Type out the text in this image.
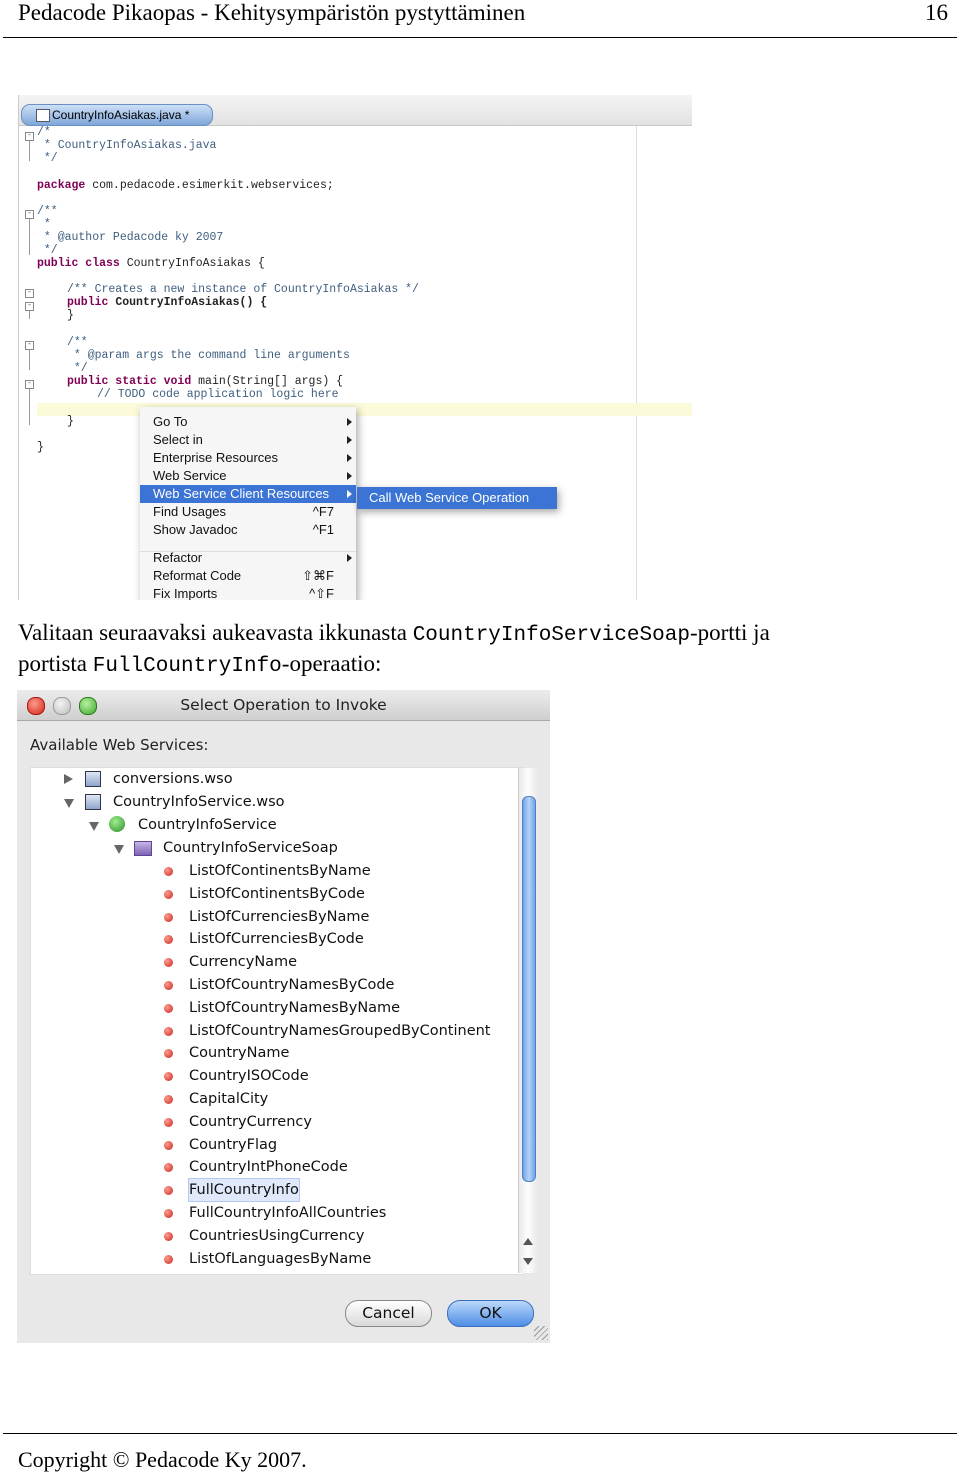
Pedacode Pikaopas - Kehitysympäristön pystyttäminen	16
CountryInfoAsiakas.java *
-
-
-
-
-
-
/*
* CountryInfoAsiakas.java
*/
package com.pedacode.esimerkit.webservices;
/**
*
* @author Pedacode ky 2007
*/
public class CountryInfoAsiakas {
/** Creates a new instance of CountryInfoAsiakas */
public CountryInfoAsiakas() {
}
/**
* @param args the command line arguments
*/
public static void main(String[] args) {
// TODO code application logic here
}
}
Go To
Select in
Enterprise Resources
Web Service
Web Service Client Resources
Find Usages	^F7
Show Javadoc	^F1
Refactor
Reformat Code	⇧⌘F
Fix Imports	^⇧F
Call Web Service Operation
Valitaan seuraavaksi aukeavasta ikkunasta CountryInfoServiceSoap-portti ja
portista FullCountryInfo-operaatio:
Select Operation to Invoke
Available Web Services:
conversions.wso
CountryInfoService.wso
CountryInfoService
CountryInfoServiceSoap
ListOfContinentsByName
ListOfContinentsByCode
ListOfCurrenciesByName
ListOfCurrenciesByCode
CurrencyName
ListOfCountryNamesByCode
ListOfCountryNamesByName
ListOfCountryNamesGroupedByContinent
CountryName
CountryISOCode
CapitalCity
CountryCurrency
CountryFlag
CountryIntPhoneCode
FullCountryInfo
FullCountryInfoAllCountries
CountriesUsingCurrency
ListOfLanguagesByName
Cancel	OK
Copyright © Pedacode Ky 2007.
